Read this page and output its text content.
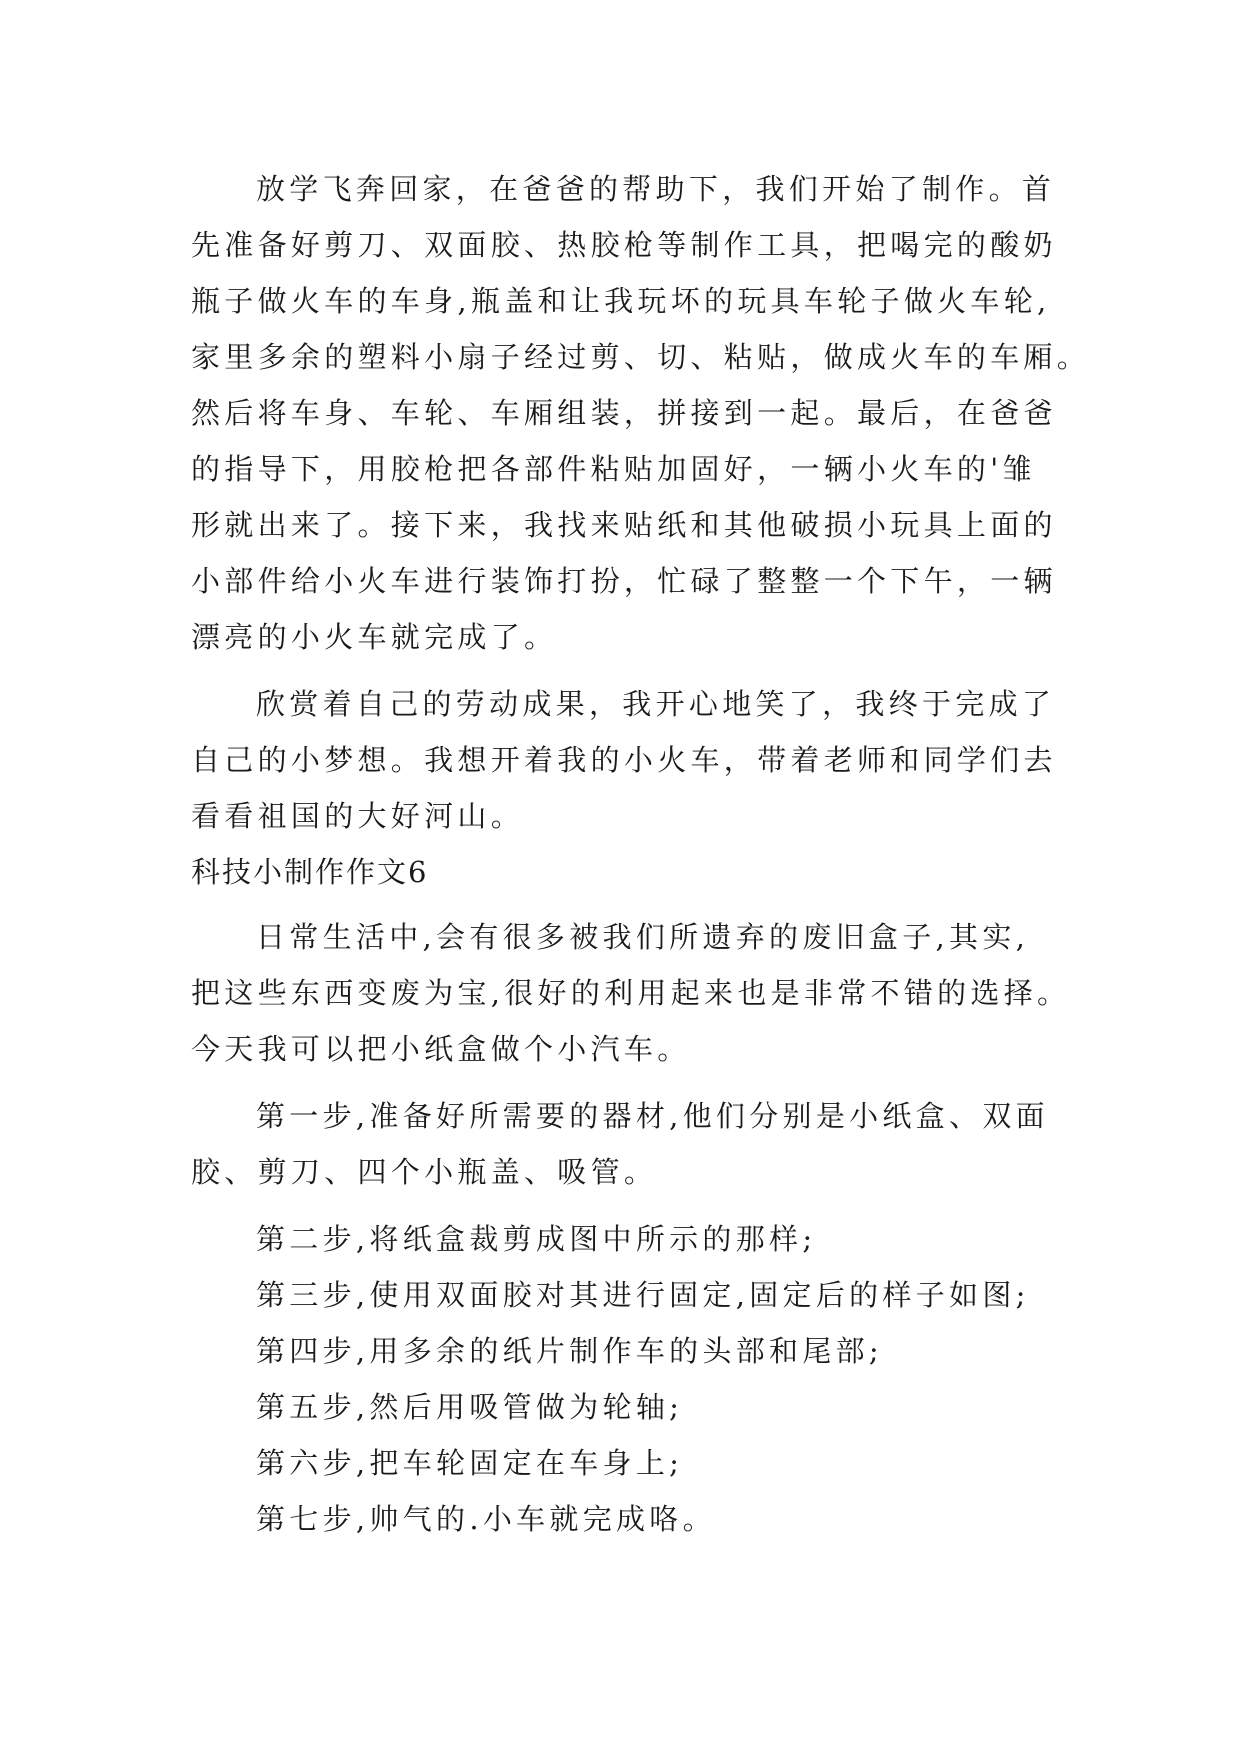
放学飞奔回家，在爸爸的帮助下，我们开始了制作。首
先准备好剪刀、双面胶、热胶枪等制作工具，把喝完的酸奶
瓶子做火车的车身,瓶盖和让我玩坏的玩具车轮子做火车轮,
家里多余的塑料小扇子经过剪、切、粘贴，做成火车的车厢。
然后将车身、车轮、车厢组装，拼接到一起。最后，在爸爸
的指导下，用胶枪把各部件粘贴加固好，一辆小火车的'雏
形就出来了。接下来，我找来贴纸和其他破损小玩具上面的
小部件给小火车进行装饰打扮，忙碌了整整一个下午，一辆
漂亮的小火车就完成了。
欣赏着自己的劳动成果，我开心地笑了，我终于完成了
自己的小梦想。我想开着我的小火车，带着老师和同学们去
看看祖国的大好河山。
科技小制作作文6
日常生活中,会有很多被我们所遗弃的废旧盒子,其实,
把这些东西变废为宝,很好的利用起来也是非常不错的选择。
今天我可以把小纸盒做个小汽车。
第一步,准备好所需要的器材,他们分别是小纸盒、双面
胶、剪刀、四个小瓶盖、吸管。
第二步,将纸盒裁剪成图中所示的那样;
第三步,使用双面胶对其进行固定,固定后的样子如图;
第四步,用多余的纸片制作车的头部和尾部;
第五步,然后用吸管做为轮轴;
第六步,把车轮固定在车身上;
第七步,帅气的.小车就完成咯。
